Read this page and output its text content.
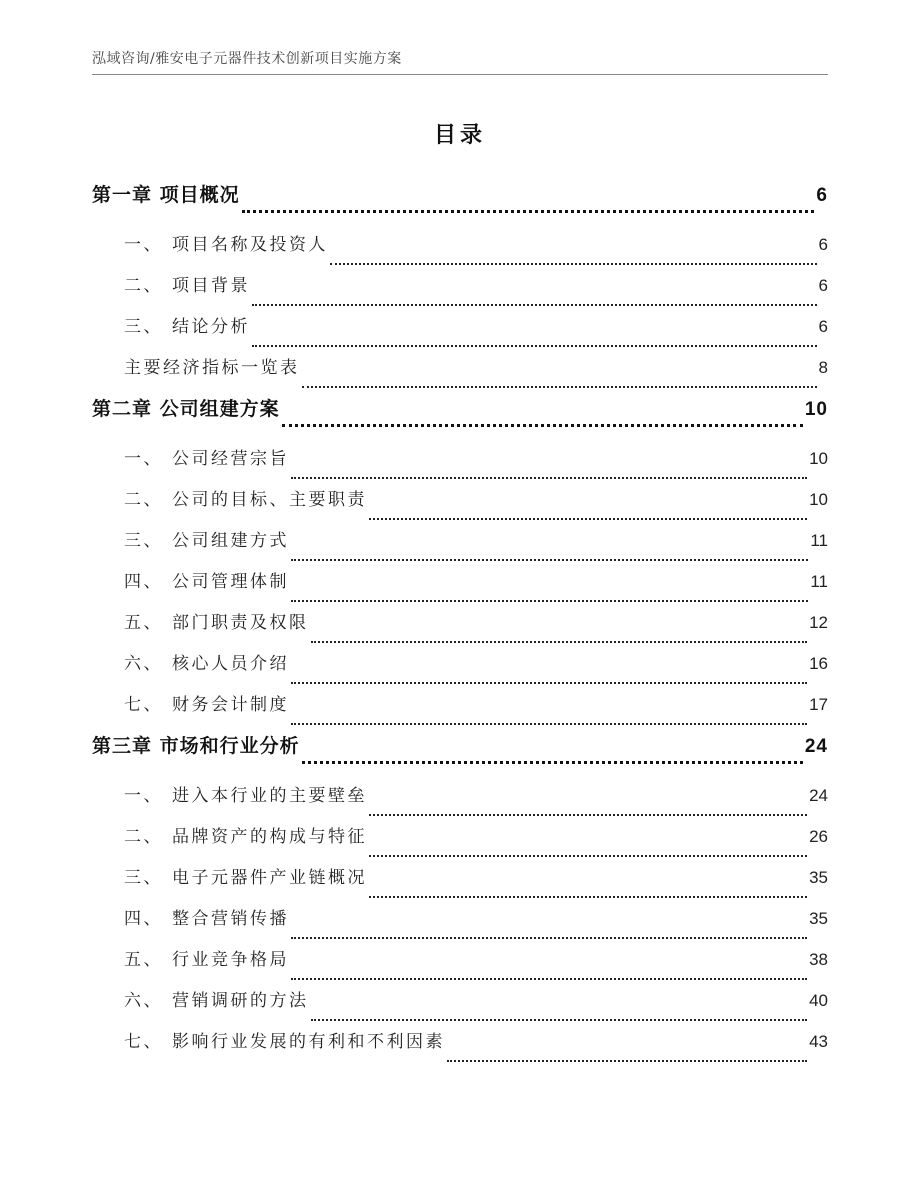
泓域咨询/雅安电子元器件技术创新项目实施方案
目录
第一章 项目概况	6
一、 项目名称及投资人	6
二、 项目背景	6
三、 结论分析	6
主要经济指标一览表	8
第二章 公司组建方案	10
一、 公司经营宗旨	10
二、 公司的目标、主要职责	10
三、 公司组建方式	11
四、 公司管理体制	11
五、 部门职责及权限	12
六、 核心人员介绍	16
七、 财务会计制度	17
第三章 市场和行业分析	24
一、 进入本行业的主要壁垒	24
二、 品牌资产的构成与特征	26
三、 电子元器件产业链概况	35
四、 整合营销传播	35
五、 行业竞争格局	38
六、 营销调研的方法	40
七、 影响行业发展的有利和不利因素	43
